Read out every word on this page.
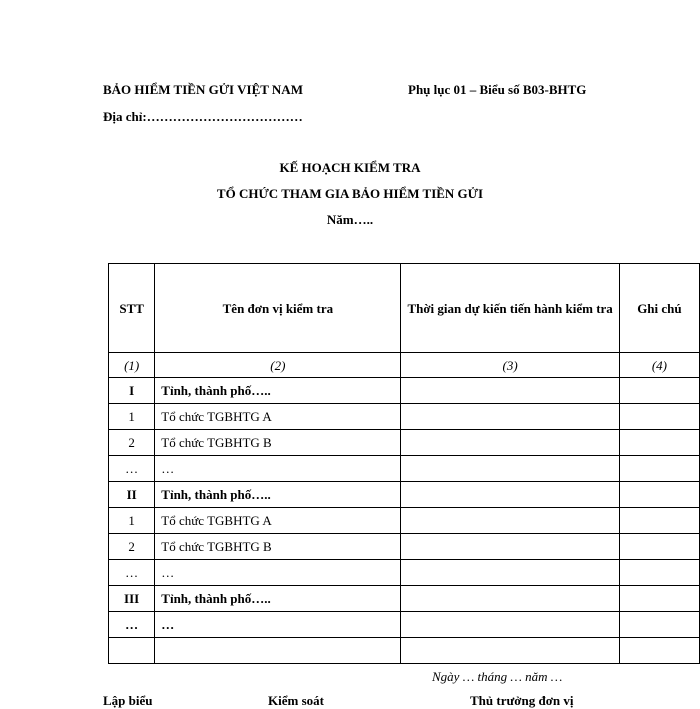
BẢO HIỂM TIỀN GỬI VIỆT NAM	Phụ lục 01 – Biểu số B03-BHTG
Địa chỉ:………………………………
KẾ HOẠCH KIỂM TRA
TỔ CHỨC THAM GIA BẢO HIỂM TIỀN GỬI
Năm…..
STT	Tên đơn vị kiểm tra	Thời gian dự kiến tiến hành kiểm tra	Ghi chú
(1)	(2)	(3)	(4)
I	Tỉnh, thành phố…..		
1	Tổ chức TGBHTG A		
2	Tổ chức TGBHTG B		
…	…		
II	Tỉnh, thành phố…..		
1	Tổ chức TGBHTG A		
2	Tổ chức TGBHTG B		
…	…		
III	Tỉnh, thành phố…..		
…	…		

Ngày … tháng … năm …
Lập biểu	Kiểm soát	Thủ trưởng đơn vị
